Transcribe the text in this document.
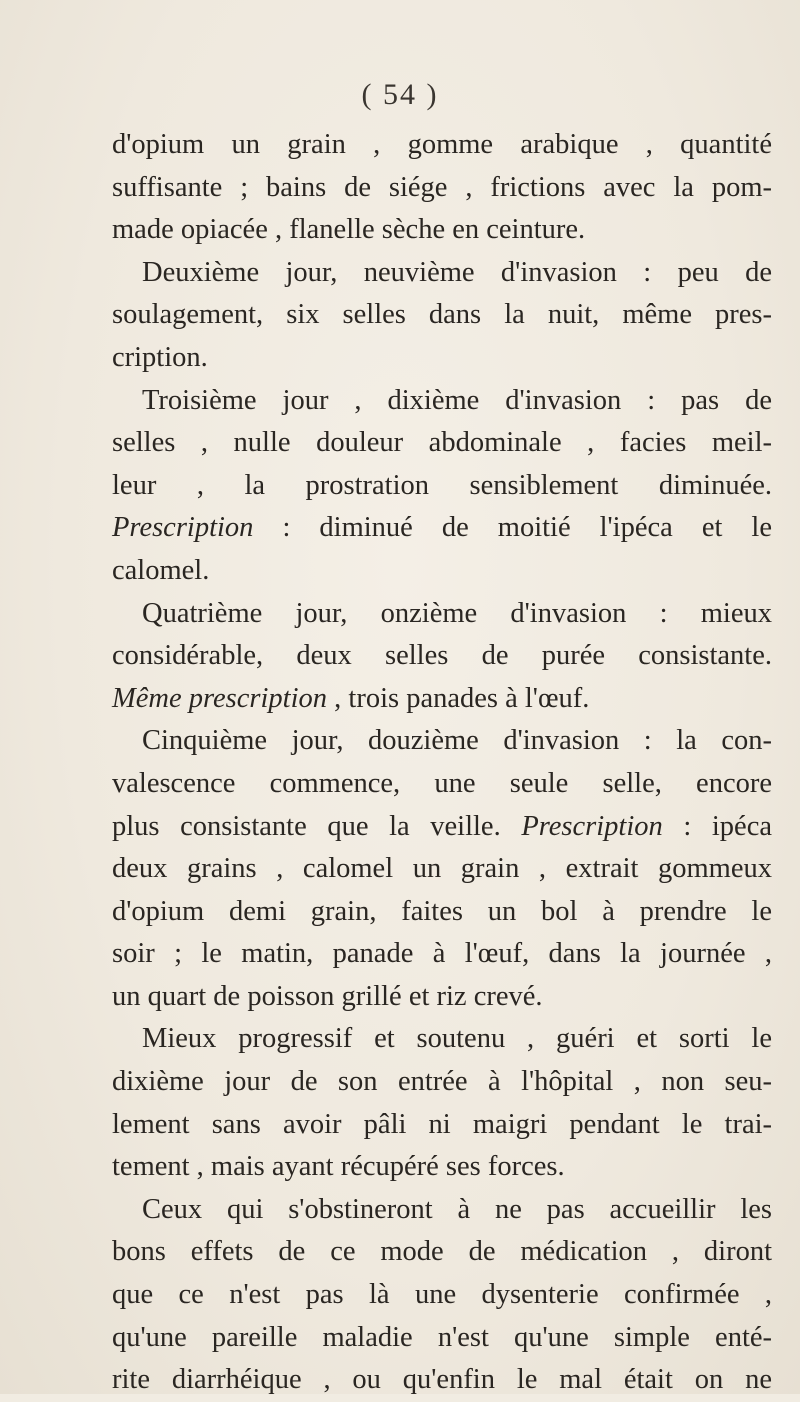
( 54 )
d'opium un grain , gomme arabique , quantité
suffisante ; bains de siége , frictions avec la pom-
made opiacée , flanelle sèche en ceinture.
Deuxième jour, neuvième d'invasion : peu de
soulagement, six selles dans la nuit, même pres-
cription.
Troisième jour , dixième d'invasion : pas de
selles , nulle douleur abdominale , facies meil-
leur , la prostration sensiblement diminuée.
Prescription : diminué de moitié l'ipéca et le
calomel.
Quatrième jour, onzième d'invasion : mieux
considérable, deux selles de purée consistante.
Même prescription , trois panades à l'œuf.
Cinquième jour, douzième d'invasion : la con-
valescence commence, une seule selle, encore
plus consistante que la veille. Prescription : ipéca
deux grains , calomel un grain , extrait gommeux
d'opium demi grain, faites un bol à prendre le
soir ; le matin, panade à l'œuf, dans la journée ,
un quart de poisson grillé et riz crevé.
Mieux progressif et soutenu , guéri et sorti le
dixième jour de son entrée à l'hôpital , non seu-
lement sans avoir pâli ni maigri pendant le trai-
tement , mais ayant récupéré ses forces.
Ceux qui s'obstineront à ne pas accueillir les
bons effets de ce mode de médication , diront
que ce n'est pas là une dysenterie confirmée ,
qu'une pareille maladie n'est qu'une simple enté-
rite diarrhéique , ou qu'enfin le mal était on ne
